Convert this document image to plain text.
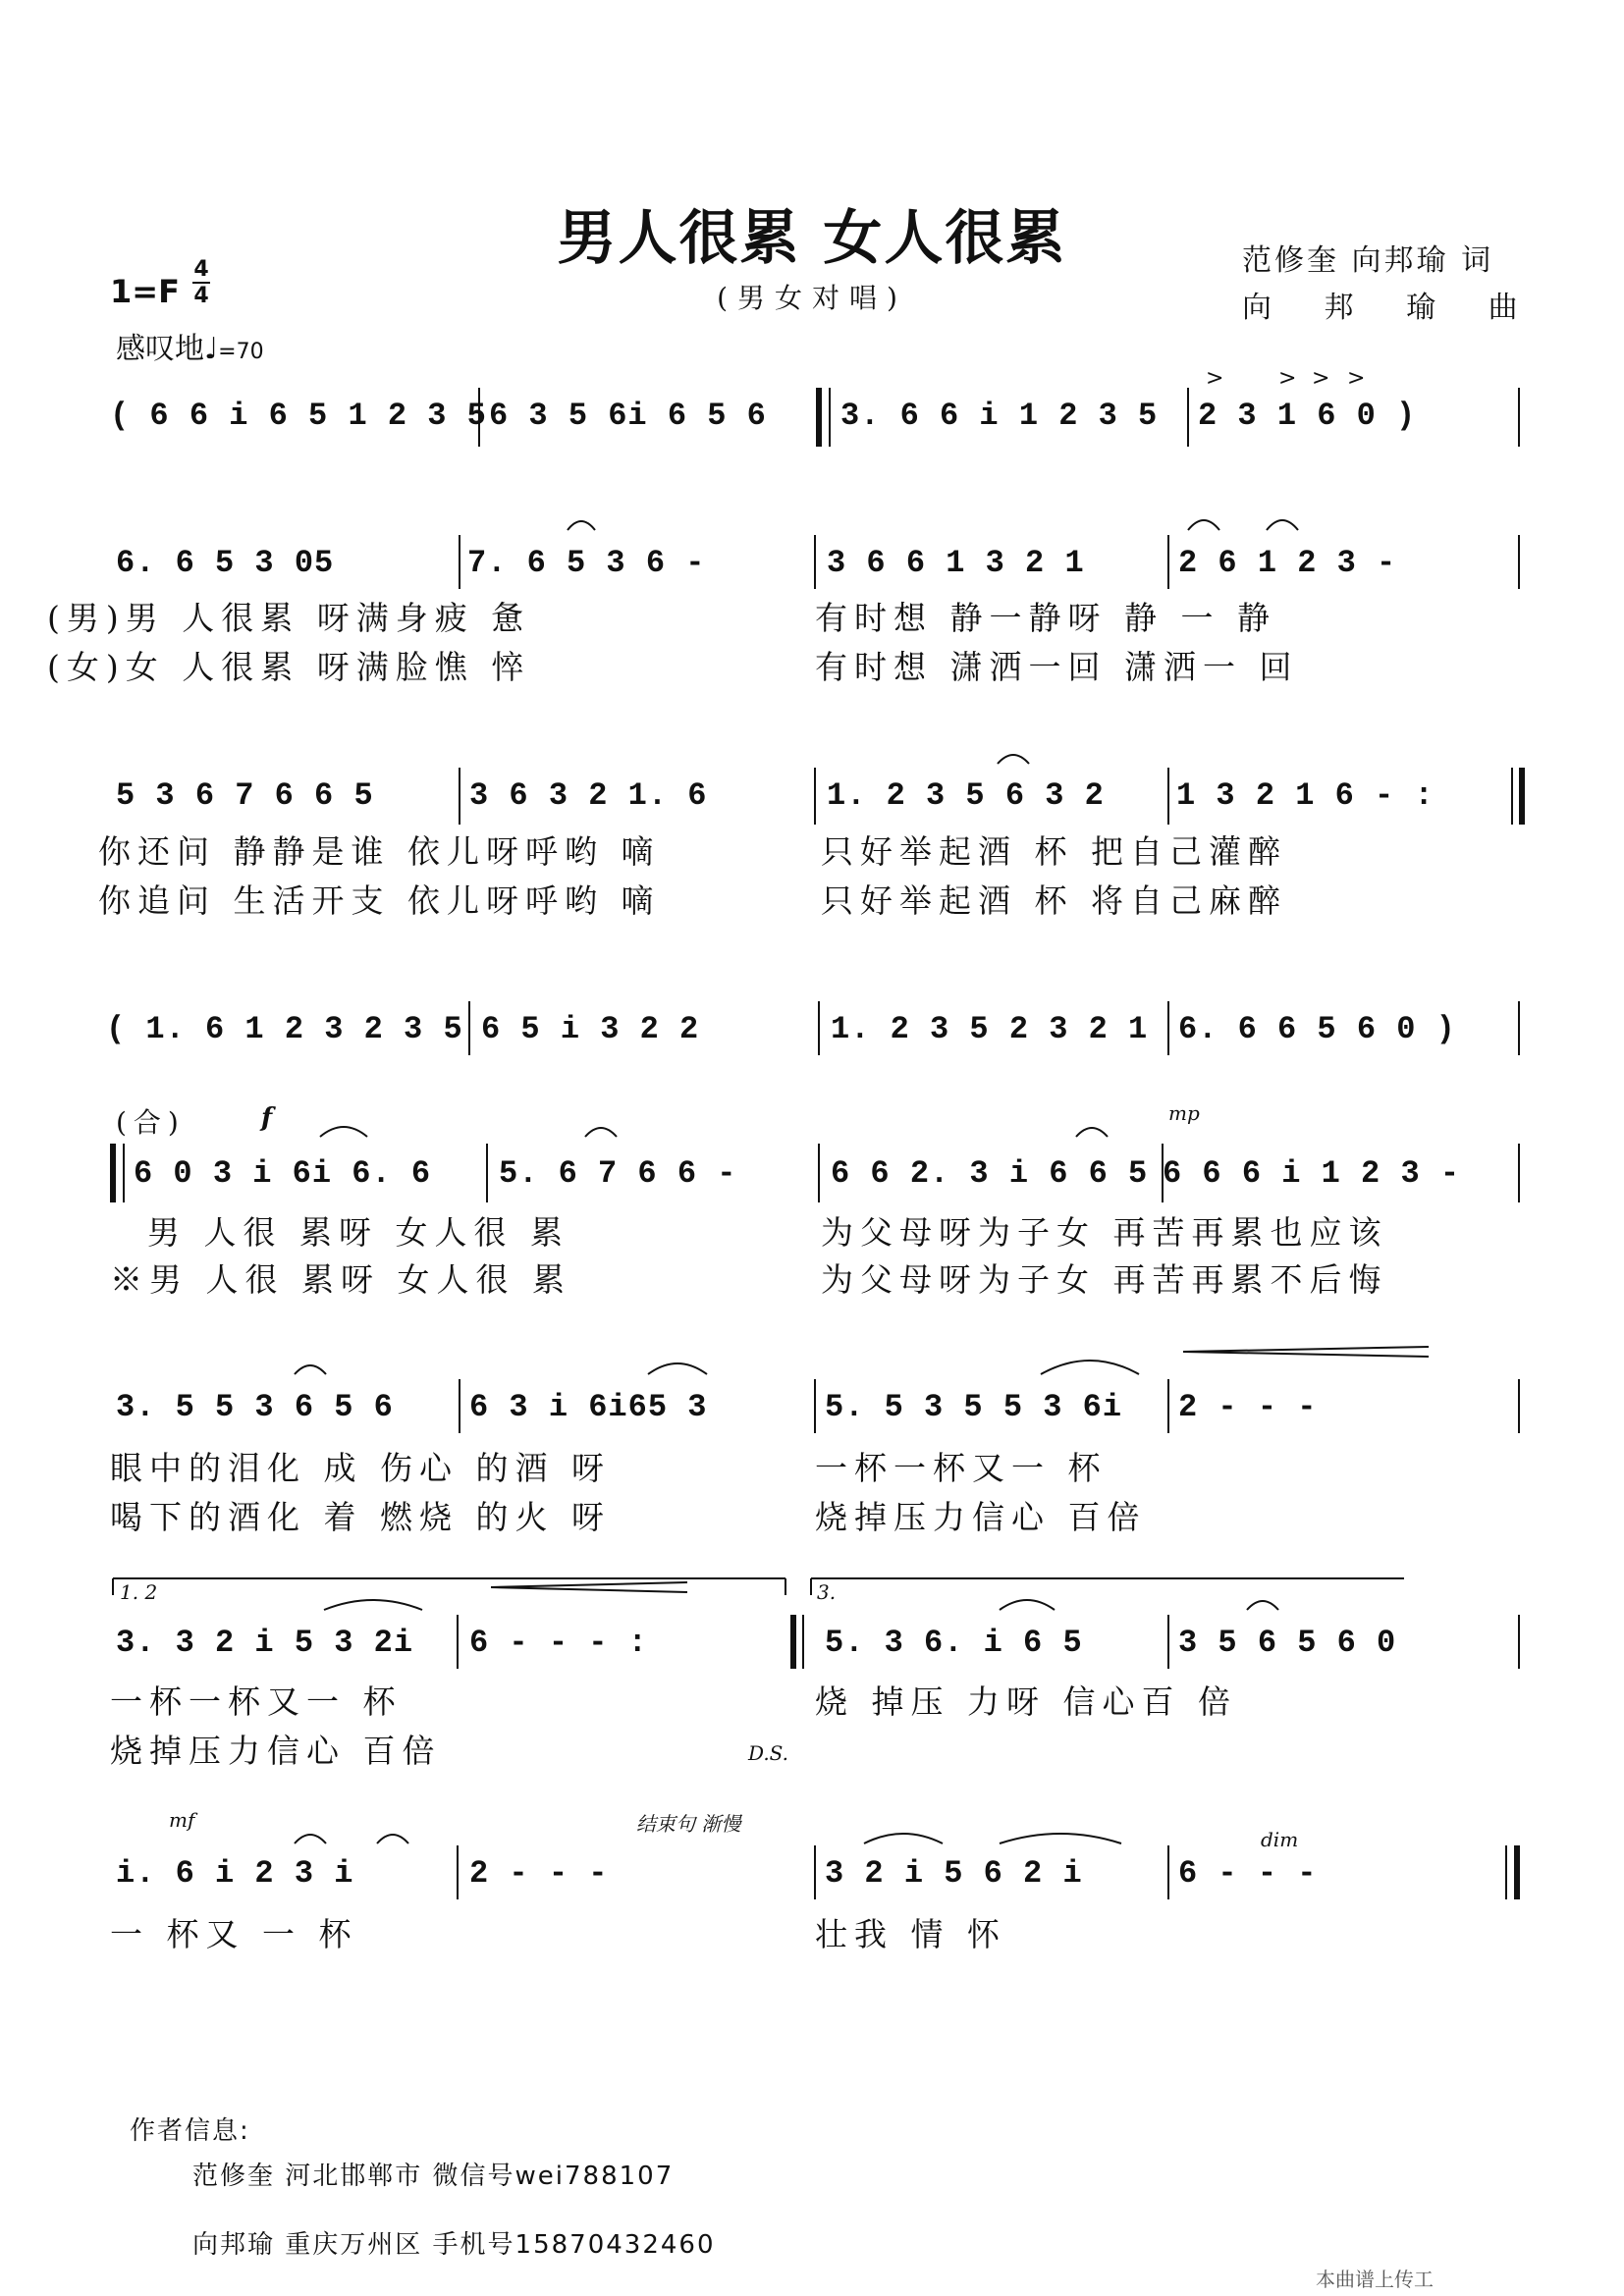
男人很累 女人很累
(男女对唱)
范修奎 向邦瑜 词
向 邦 瑜 曲
1=F
4
4
感叹地♩=70
>	> > >
( 6 6 i 6 5 1 2 3 5 6 3 5 6i 6 5 6 3. 6 6 i 1 2 3 5 2 3 1 6 0 )
6. 6 5 3 05	7. 6 5 3 6 -	3 6 6 1 3 2 1	2 6 1 2 3 -
(男)男 人很累 呀满身疲 惫	有时想 静一静呀 静 一 静
(女)女 人很累 呀满脸憔 悴	有时想 潇洒一回 潇洒一 回
5 3 6 7 6 6 5	3 6 3 2 1. 6	1. 2 3 5 6 3 2 1 3 2 1 6 - :
你还问 静静是谁 依儿呀呼哟 嘀	只好举起酒 杯 把自己灌醉
你追问 生活开支 依儿呀呼哟 嘀	只好举起酒 杯 将自己麻醉
( 1. 6 1 2 3 2 3 5 6 5 i 3 2 2	1. 2 3 5 2 3 2 1 6. 6 6 5 6 0 )
(合)	f	mp
6 0 3 i 6i 6. 6 5. 6 7 6 6 -	6 6 2. 3 i 6 6 5 6 6 6 i 1 2 3 -
男 人很 累呀 女人很 累	为父母呀为子女 再苦再累也应该
※男 人很 累呀 女人很 累	为父母呀为子女 再苦再累不后悔
3. 5 5 3 6 5 6 6 3 i 6i65 3	5. 5 3 5 5 3 6i 2 - - -
眼中的泪化 成 伤心 的酒 呀	一杯一杯又一 杯
喝下的酒化 着 燃烧 的火 呀	烧掉压力信心 百倍
1. 2	3.
3. 3 2 i 5 3 2i 6 - - - :	5. 3 6. i 6 5	3 5 6 5 6 0
一杯一杯又一 杯	烧 掉压 力呀 信心百 倍
烧掉压力信心 百倍	D.S.
mf	结束句 渐慢
dim
i. 6 i 2 3 i	2 - - -	3 2 i 5 6 2 i	6 - - -
一 杯又 一 杯	壮我 情 怀
作者信息:
范修奎 河北邯郸市 微信号wei788107
向邦瑜 重庆万州区 手机号15870432460
本曲谱上传工
